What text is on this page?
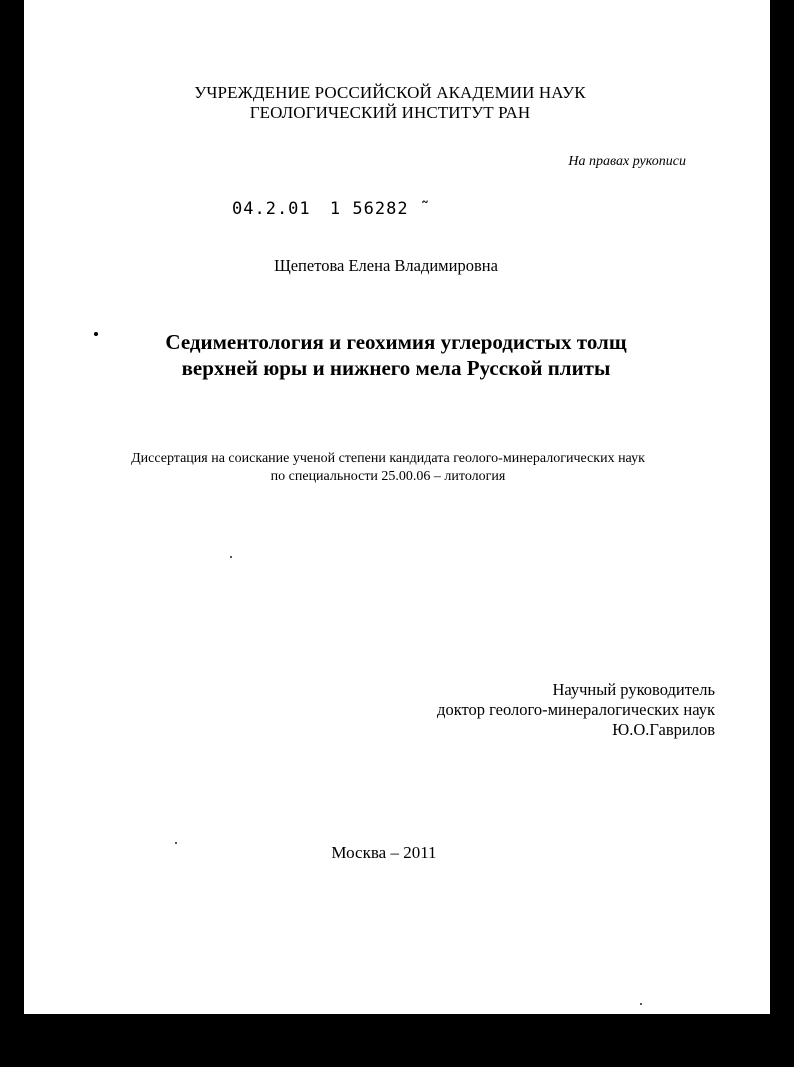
УЧРЕЖДЕНИЕ РОССИЙСКОЙ АКАДЕМИИ НАУК
ГЕОЛОГИЧЕСКИЙ ИНСТИТУТ РАН
На правах рукописи
04.2.01 1 56282 ˜
Щепетова Елена Владимировна
Седиментология и геохимия углеродистых толщ
верхней юры и нижнего мела Русской плиты
Диссертация на соискание ученой степени кандидата геолого-минералогических наук
по специальности 25.00.06 – литология
Научный руководитель
доктор геолого-минералогических наук
Ю.О.Гаврилов
Москва – 2011
